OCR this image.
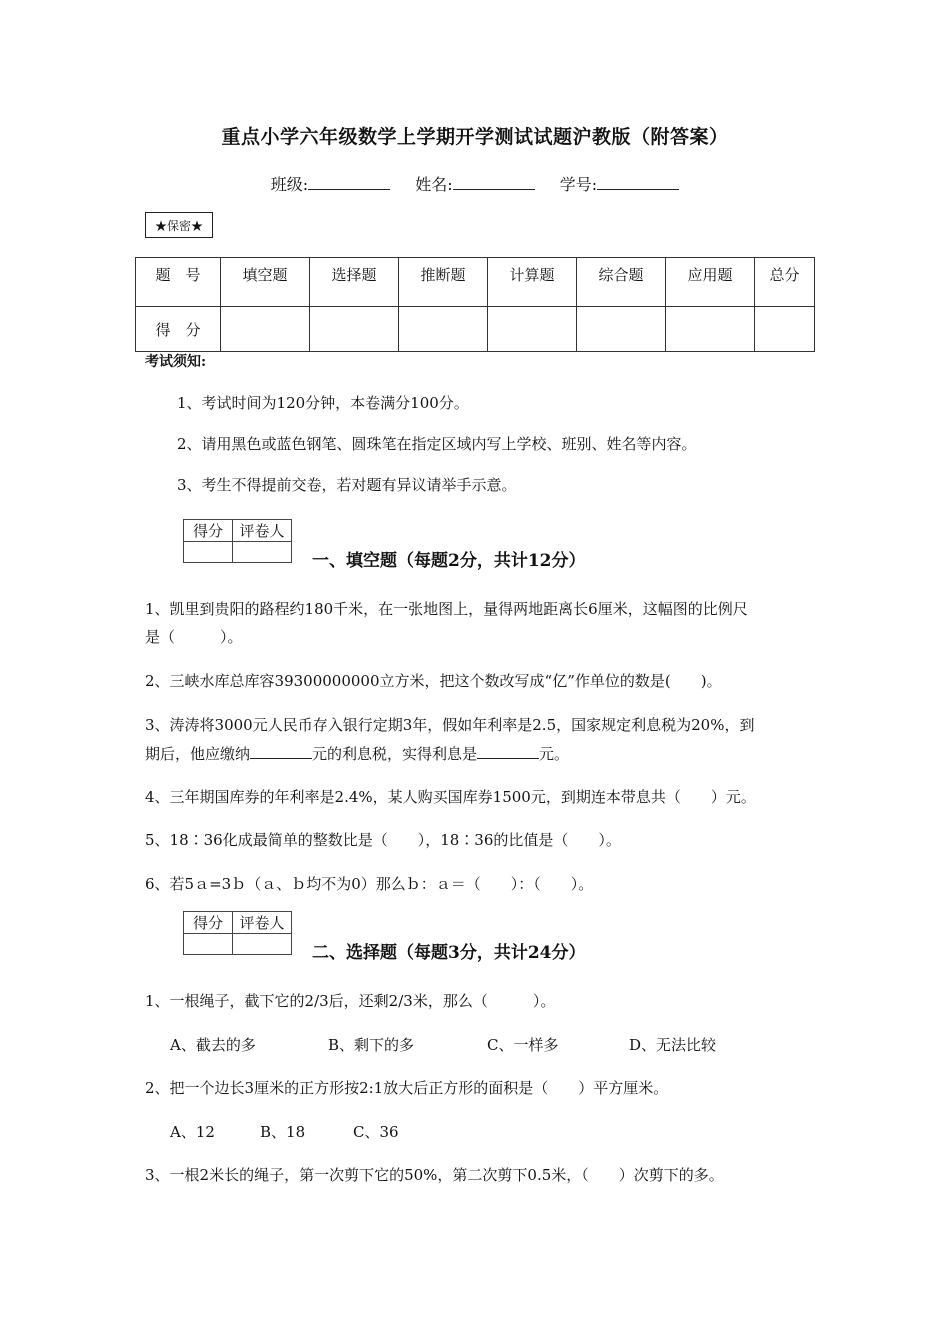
重点小学六年级数学上学期开学测试试题沪教版（附答案）
班级:	姓名:	学号:
★保密★
题　号	填空题	选择题	推断题	计算题	综合题	应用题	总分
得　分							
考试须知:
1、考试时间为120分钟，本卷满分100分。
2、请用黑色或蓝色钢笔、圆珠笔在指定区域内写上学校、班别、姓名等内容。
3、考生不得提前交卷，若对题有异议请举手示意。
得分	评卷人

一、填空题（每题2分，共计12分）
1、凯里到贵阳的路程约180千米，在一张地图上，量得两地距离长6厘米，这幅图的比例尺
是（　　　）。
2、三峡水库总库容39300000000立方米，把这个数改写成“亿”作单位的数是(　　)。
3、涛涛将3000元人民币存入银行定期3年，假如年利率是2.5，国家规定利息税为20%，到
期后，他应缴纳	元的利息税，实得利息是	元。
4、三年期国库券的年利率是2.4%，某人购买国库券1500元，到期连本带息共（　　）元。
5、18∶36化成最简单的整数比是（　　），18∶36的比值是（　　）。
6、若5ａ=3ｂ（ａ、ｂ均不为0）那么ｂ：ａ＝（　　）：（　　）。
得分	评卷人

二、选择题（每题3分，共计24分）
1、一根绳子，截下它的2/3后，还剩2/3米，那么（　　　）。
A、截去的多	B、剩下的多	C、一样多	D、无法比较
2、把一个边长3厘米的正方形按2:1放大后正方形的面积是（　　）平方厘米。
A、12	B、18	C、36
3、一根2米长的绳子，第一次剪下它的50%，第二次剪下0.5米，（　　）次剪下的多。
